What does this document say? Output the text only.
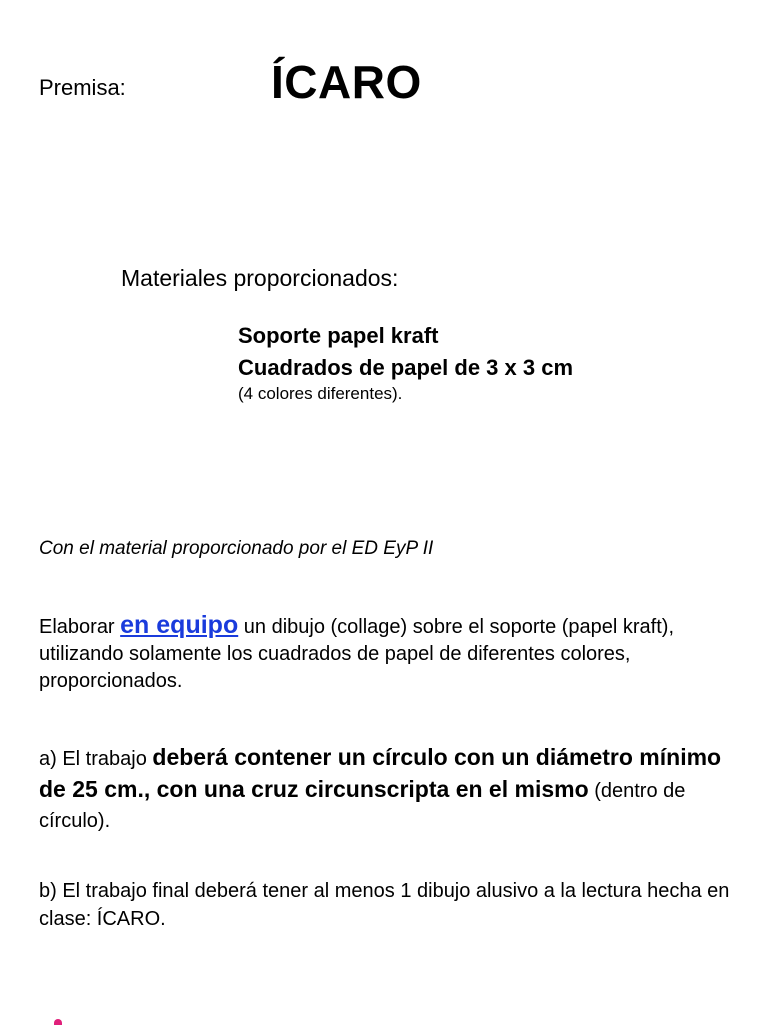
Premisa:	ÍCARO
Materiales proporcionados:
Soporte papel kraft
Cuadrados de papel de 3 x 3 cm
(4 colores diferentes).
Con el material proporcionado por el ED EyP II
Elaborar en equipo un dibujo (collage) sobre el soporte (papel kraft), utilizando solamente los cuadrados de papel de diferentes colores, proporcionados.
a) El trabajo deberá contener un círculo con un diámetro mínimo de 25 cm., con una cruz circunscripta en el mismo (dentro de círculo).
b) El trabajo final deberá tener al menos 1 dibujo alusivo a la lectura hecha en clase: ÍCARO.
